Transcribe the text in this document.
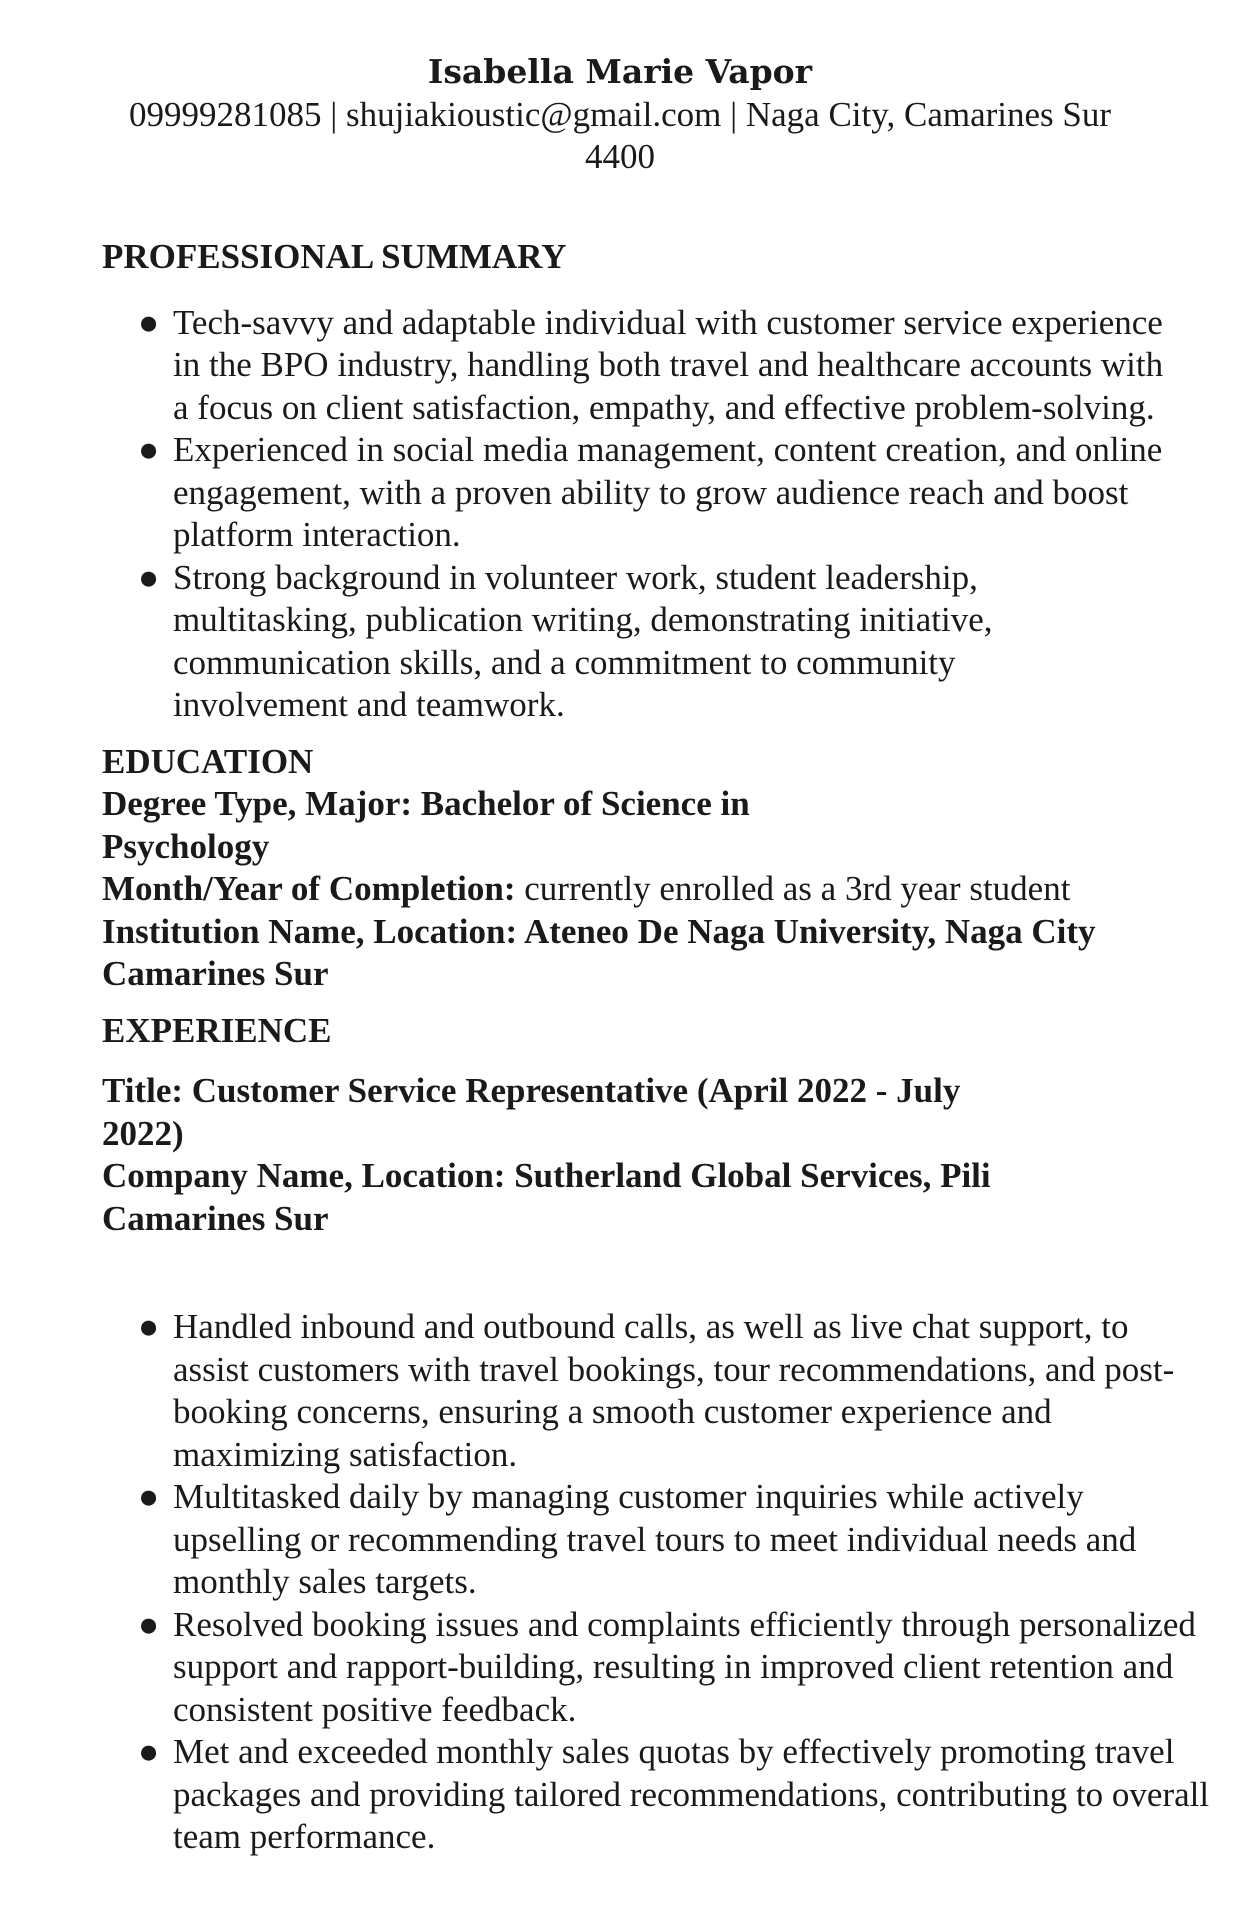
Isabella Marie Vapor

09999281085 | shujiakioustic@gmail.com | Naga City, Camarines Sur 4400

PROFESSIONAL SUMMARY

● Tech-savvy and adaptable individual with customer service experience in the BPO industry, handling both travel and healthcare accounts with a focus on client satisfaction, empathy, and effective problem-solving.
● Experienced in social media management, content creation, and online engagement, with a proven ability to grow audience reach and boost platform interaction.
● Strong background in volunteer work, student leadership, multitasking, publication writing, demonstrating initiative, communication skills, and a commitment to community involvement and teamwork.

EDUCATION

Degree Type, Major: Bachelor of Science in Psychology

Month/Year of Completion: currently enrolled as a 3rd year student

Institution Name, Location: Ateneo De Naga University, Naga City Camarines Sur

EXPERIENCE

Title: Customer Service Representative (April 2022 - July 2022)

Company Name, Location: Sutherland Global Services, Pili Camarines Sur

● Handled inbound and outbound calls, as well as live chat support, to assist customers with travel bookings, tour recommendations, and post-booking concerns, ensuring a smooth customer experience and maximizing satisfaction.
● Multitasked daily by managing customer inquiries while actively upselling or recommending travel tours to meet individual needs and monthly sales targets.
● Resolved booking issues and complaints efficiently through personalized support and rapport-building, resulting in improved client retention and consistent positive feedback.
● Met and exceeded monthly sales quotas by effectively promoting travel packages and providing tailored recommendations, contributing to overall team performance.
